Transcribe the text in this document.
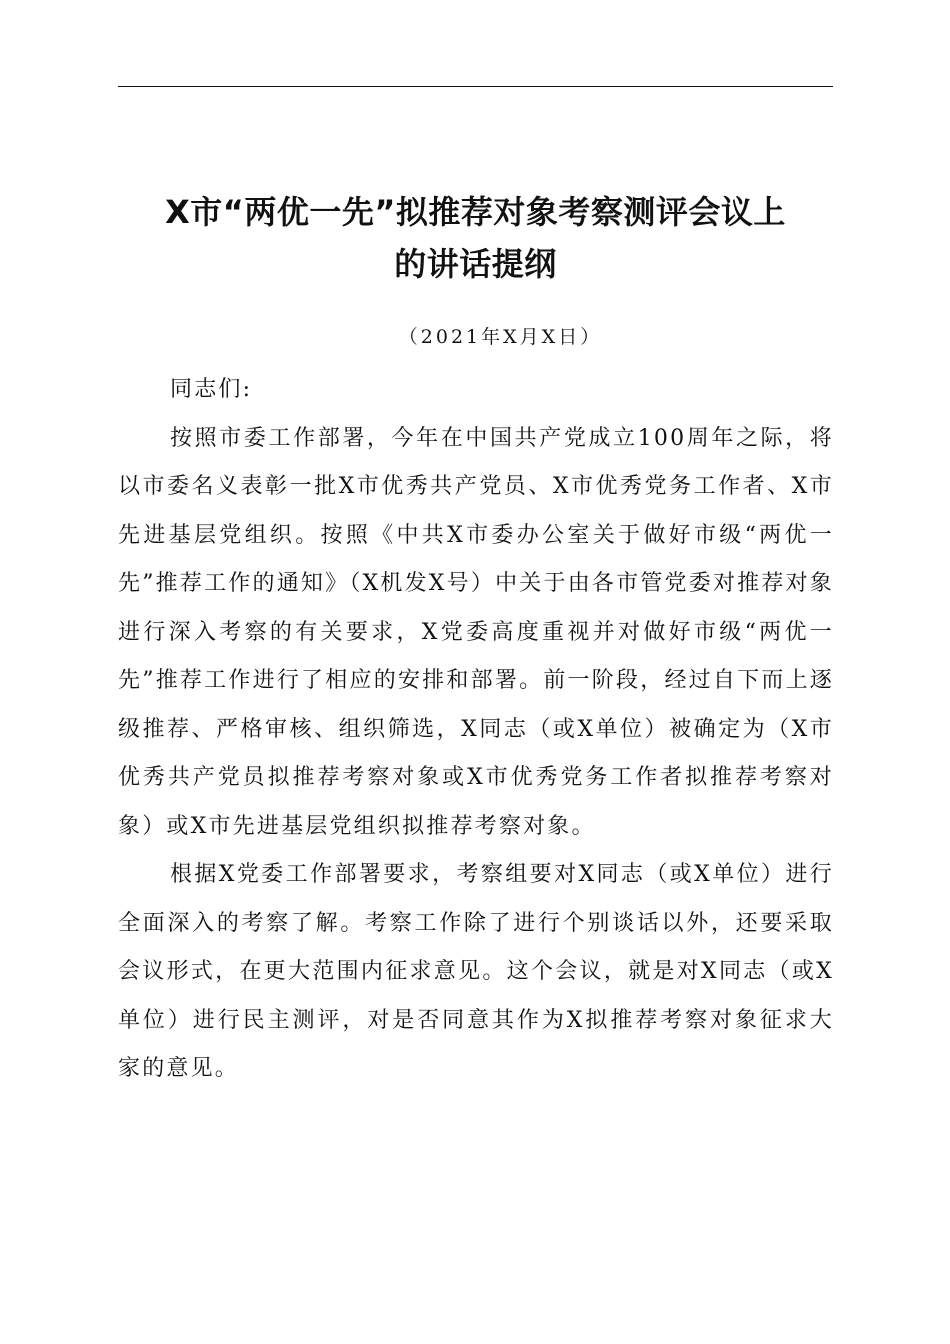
X市“两优一先”拟推荐对象考察测评会议上
的讲话提纲
（2021年X月X日）

同志们:

按照市委工作部署，今年在中国共产党成立100周年之际，将以市委名义表彰一批X市优秀共产党员、X市优秀党务工作者、X市先进基层党组织。按照《中共X市委办公室关于做好市级“两优一先”推荐工作的通知》（X机发X号）中关于由各市管党委对推荐对象进行深入考察的有关要求，X党委高度重视并对做好市级“两优一先”推荐工作进行了相应的安排和部署。前一阶段，经过自下而上逐级推荐、严格审核、组织筛选，X同志（或X单位）被确定为（X市优秀共产党员拟推荐考察对象或X市优秀党务工作者拟推荐考察对象）或X市先进基层党组织拟推荐考察对象。

根据X党委工作部署要求，考察组要对X同志（或X单位）进行全面深入的考察了解。考察工作除了进行个别谈话以外，还要采取会议形式，在更大范围内征求意见。这个会议，就是对X同志（或X单位）进行民主测评，对是否同意其作为X拟推荐考察对象征求大家的意见。
